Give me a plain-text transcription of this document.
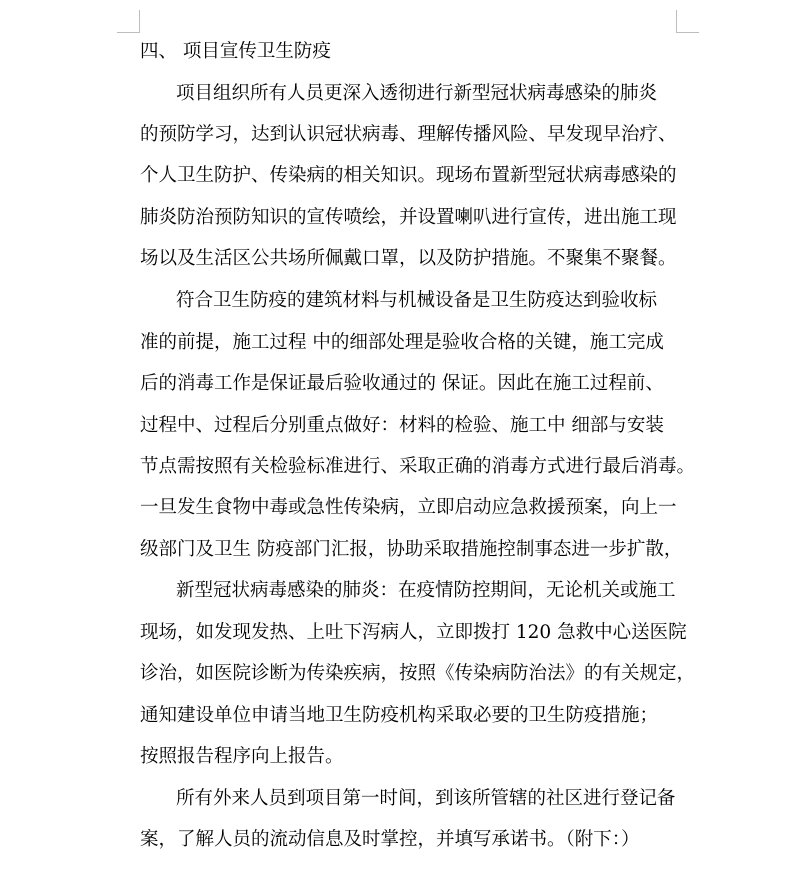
四、 项目宣传卫生防疫
项目组织所有人员更深入透彻进行新型冠状病毒感染的肺炎
的预防学习，达到认识冠状病毒、理解传播风险、早发现早治疗、
个人卫生防护、传染病的相关知识。现场布置新型冠状病毒感染的
肺炎防治预防知识的宣传喷绘，并设置喇叭进行宣传，进出施工现
场以及生活区公共场所佩戴口罩，以及防护措施。不聚集不聚餐。
符合卫生防疫的建筑材料与机械设备是卫生防疫达到验收标
准的前提，施工过程 中的细部处理是验收合格的关键，施工完成
后的消毒工作是保证最后验收通过的 保证。因此在施工过程前、
过程中、过程后分别重点做好：材料的检验、施工中 细部与安装
节点需按照有关检验标准进行、采取正确的消毒方式进行最后消毒。
一旦发生食物中毒或急性传染病，立即启动应急救援预案，向上一
级部门及卫生 防疫部门汇报，协助采取措施控制事态进一步扩散，
新型冠状病毒感染的肺炎：在疫情防控期间，无论机关或施工
现场，如发现发热、上吐下泻病人，立即拨打 120 急救中心送医院
诊治，如医院诊断为传染疾病，按照《传染病防治法》的有关规定，
通知建设单位申请当地卫生防疫机构采取必要的卫生防疫措施；
按照报告程序向上报告。
所有外来人员到项目第一时间，到该所管辖的社区进行登记备
案，了解人员的流动信息及时掌控，并填写承诺书。（附下：）
